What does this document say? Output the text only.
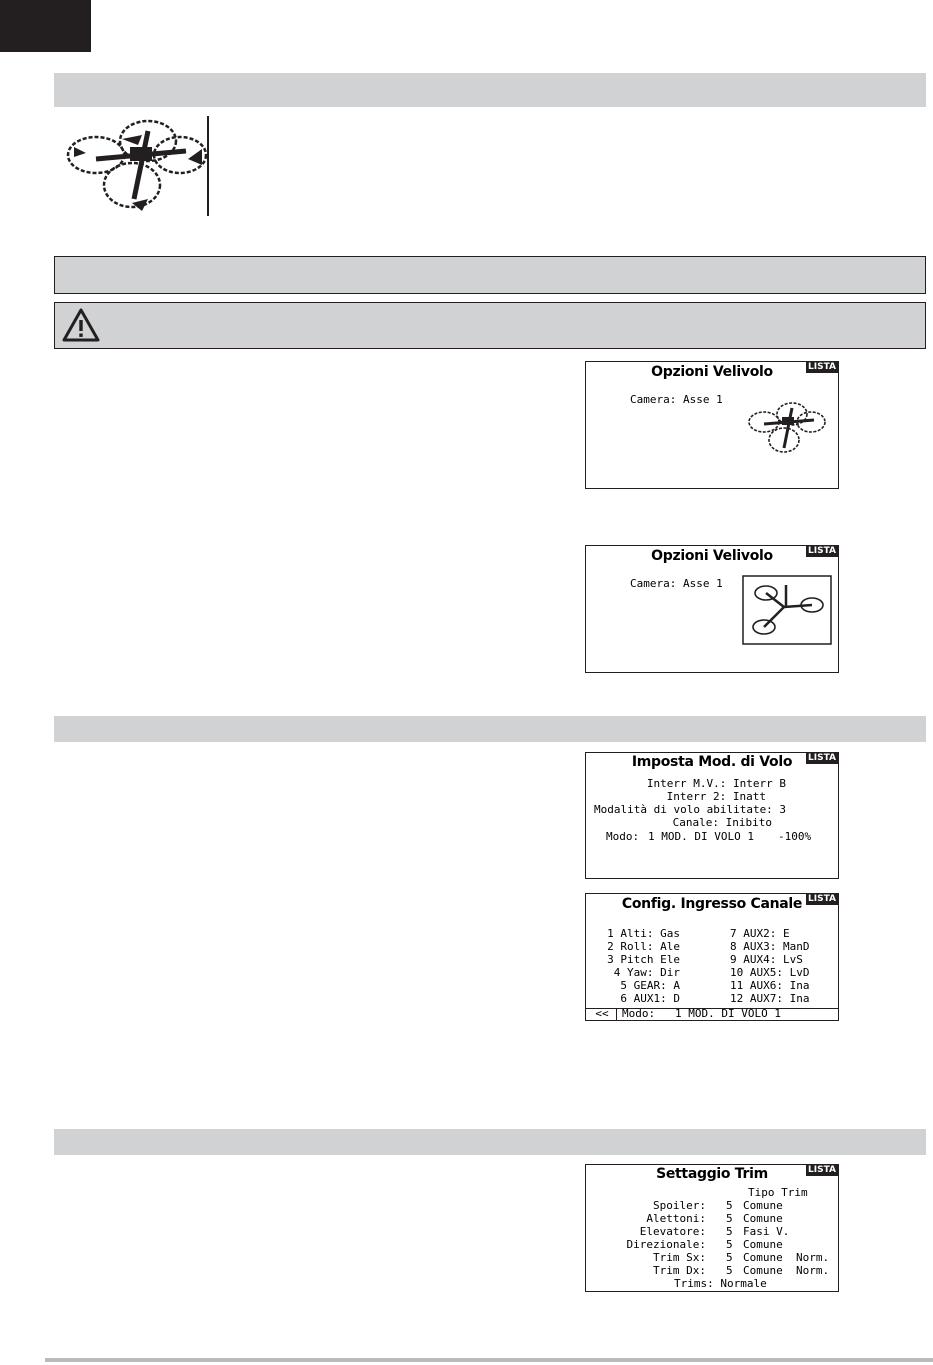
LISTA
Opzioni Velivolo
Camera: Asse 1
LISTA
Opzioni Velivolo
Camera: Asse 1
LISTA
Imposta Mod. di Volo
Interr M.V.: Interr B
Interr 2: Inatt
Modalità di volo abilitate: 3
Canale: Inibito
Modo: 1 MOD. DI VOLO 1 -100%
LISTA
Config. Ingresso Canale
1 Alti: Gas
2 Roll: Ale
3 Pitch Ele
4 Yaw: Dir
5 GEAR: A
6 AUX1: D
7 AUX2: E
8 AUX3: ManD
9 AUX4: LvS
10 AUX5: LvD
11 AUX6: Ina
12 AUX7: Ina
<<	Modo:   1 MOD. DI VOLO 1
LISTA
Settaggio Trim
Tipo Trim
Spoiler: 5 Comune
Alettoni: 5 Comune
Elevatore: 5 Fasi V.
Direzionale: 5 Comune
Trim Sx: 5 Comune Norm.
Trim Dx: 5 Comune Norm.
Trims: Normale
